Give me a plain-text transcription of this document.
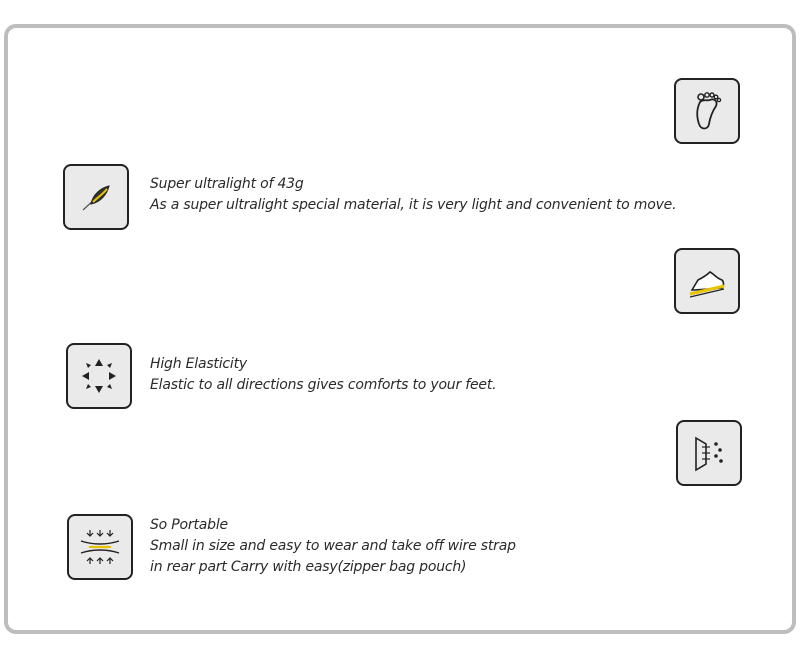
Super ultralight of 43g
As a super ultralight special material, it is very light and convenient to move.
High Elasticity
Elastic to all directions gives comforts to your feet.
So Portable
Small in size and easy to wear and take off wire strap
in rear part Carry with easy(zipper bag pouch)
